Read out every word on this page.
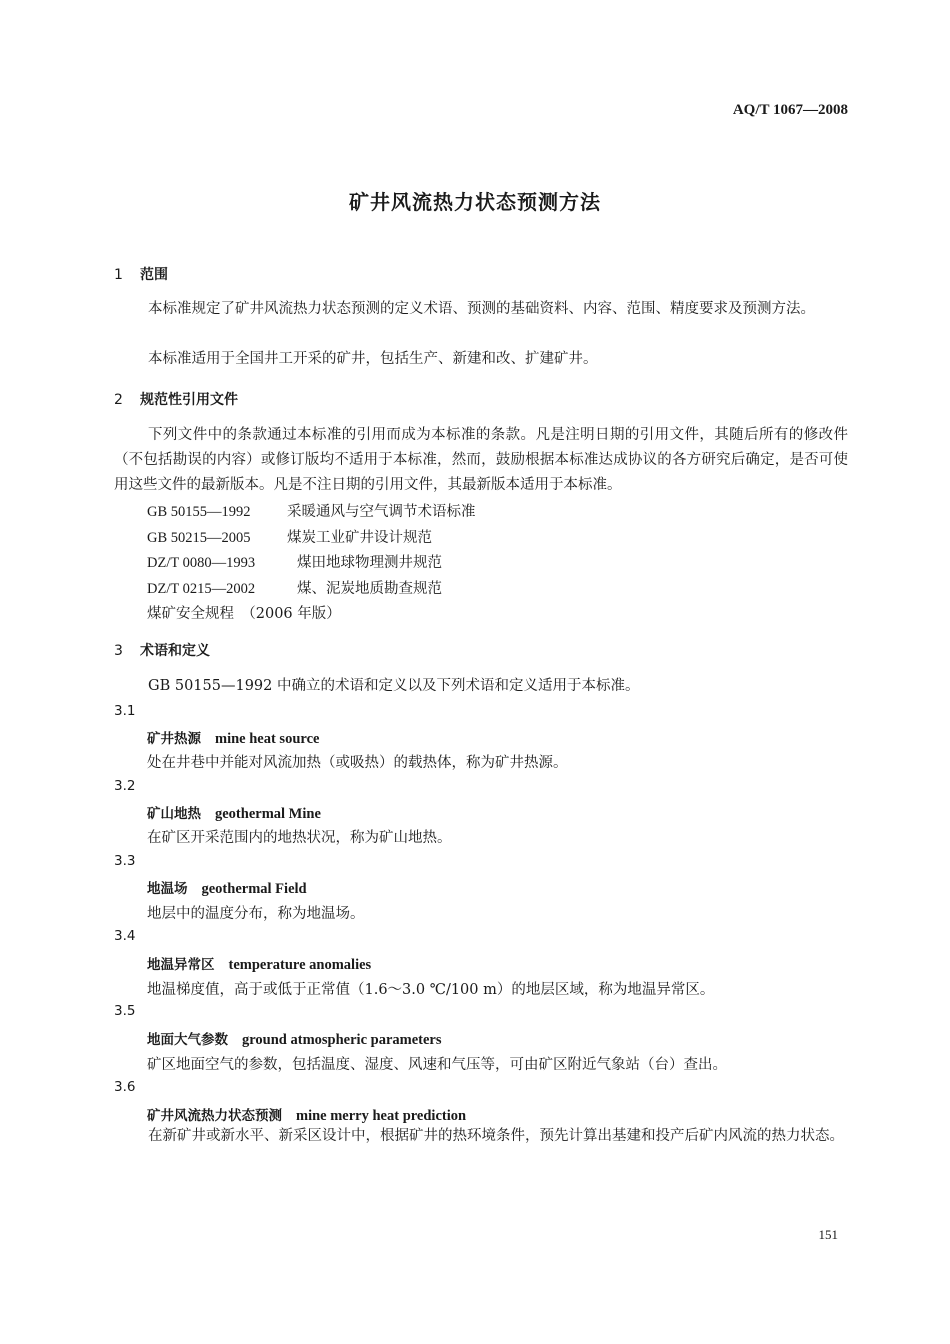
AQ/T 1067—2008
矿井风流热力状态预测方法
1 范围
本标准规定了矿井风流热力状态预测的定义术语、预测的基础资料、内容、范围、精度要求及预测方法。
本标准适用于全国井工开采的矿井，包括生产、新建和改、扩建矿井。
2 规范性引用文件
下列文件中的条款通过本标准的引用而成为本标准的条款。凡是注明日期的引用文件，其随后所有的修改件（不包括勘误的内容）或修订版均不适用于本标准，然而，鼓励根据本标准达成协议的各方研究后确定，是否可使用这些文件的最新版本。凡是不注日期的引用文件，其最新版本适用于本标准。
GB 50155—1992	采暖通风与空气调节术语标准
GB 50215—2005	煤炭工业矿井设计规范
DZ/T 0080—1993	煤田地球物理测井规范
DZ/T 0215—2002	煤、泥炭地质勘查规范
煤矿安全规程　（2006 年版）
3 术语和定义
GB 50155—1992 中确立的术语和定义以及下列术语和定义适用于本标准。
3.1
矿井热源 mine heat source
处在井巷中并能对风流加热（或吸热）的载热体，称为矿井热源。
3.2
矿山地热 geothermal Mine
在矿区开采范围内的地热状况，称为矿山地热。
3.3
地温场 geothermal Field
地层中的温度分布，称为地温场。
3.4
地温异常区 temperature anomalies
地温梯度值，高于或低于正常值（1.6～3.0 ℃/100 m）的地层区域，称为地温异常区。
3.5
地面大气参数 ground atmospheric parameters
矿区地面空气的参数，包括温度、湿度、风速和气压等，可由矿区附近气象站（台）查出。
3.6
矿井风流热力状态预测 mine merry heat prediction
在新矿井或新水平、新采区设计中，根据矿井的热环境条件，预先计算出基建和投产后矿内风流的热力状态。
151
